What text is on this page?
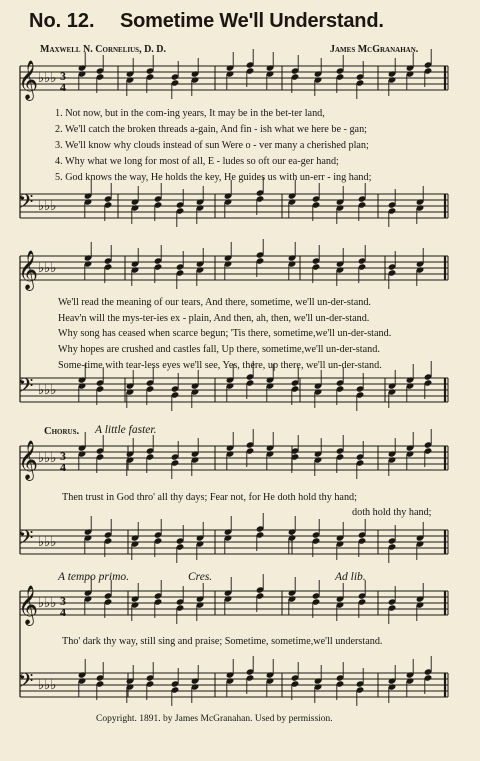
No. 12. Sometime We'll Understand.
Maxwell N. Cornelius, D. D.	James McGranahan.
𝄞 ♭♭♭
𝄢 ♭♭♭
3
4
1. Not now, but in the com-ing years, It may be in the bet-ter land,
2. We'll catch the broken threads a-gain, And fin - ish what we here be - gan;
3. We'll know why clouds instead of sun Were o - ver many a cherished plan;
4. Why what we long for most of all, E - ludes so oft our ea-ger hand;
5. God knows the way, He holds the key, He guides us with un-err - ing hand;
𝄞 ♭♭♭
𝄢 ♭♭♭
We'll read the meaning of our tears, And there, sometime, we'll un-der-stand.
Heav'n will the mys-ter-ies ex - plain, And then, ah, then, we'll un-der-stand.
Why song has ceased when scarce begun; 'Tis there, sometime,we'll un-der-stand.
Why hopes are crushed and castles fall, Up there, sometime,we'll un-der-stand.
Some-time with tear-less eyes we'll see, Yes, there, up there, we'll un-der-stand.
Chorus. A little faster.
𝄞 ♭♭♭
𝄢 ♭♭♭
3
4
Then trust in God thro' all thy days; Fear not, for He doth hold thy hand;
doth hold thy hand;
A tempo primo.	Cres.	Ad lib.
𝄞 ♭♭♭
𝄢 ♭♭♭
3
4
Tho' dark thy way, still sing and praise; Sometime, sometime,we'll understand.
Copyright. 1891. by James McGranahan. Used by permission.
